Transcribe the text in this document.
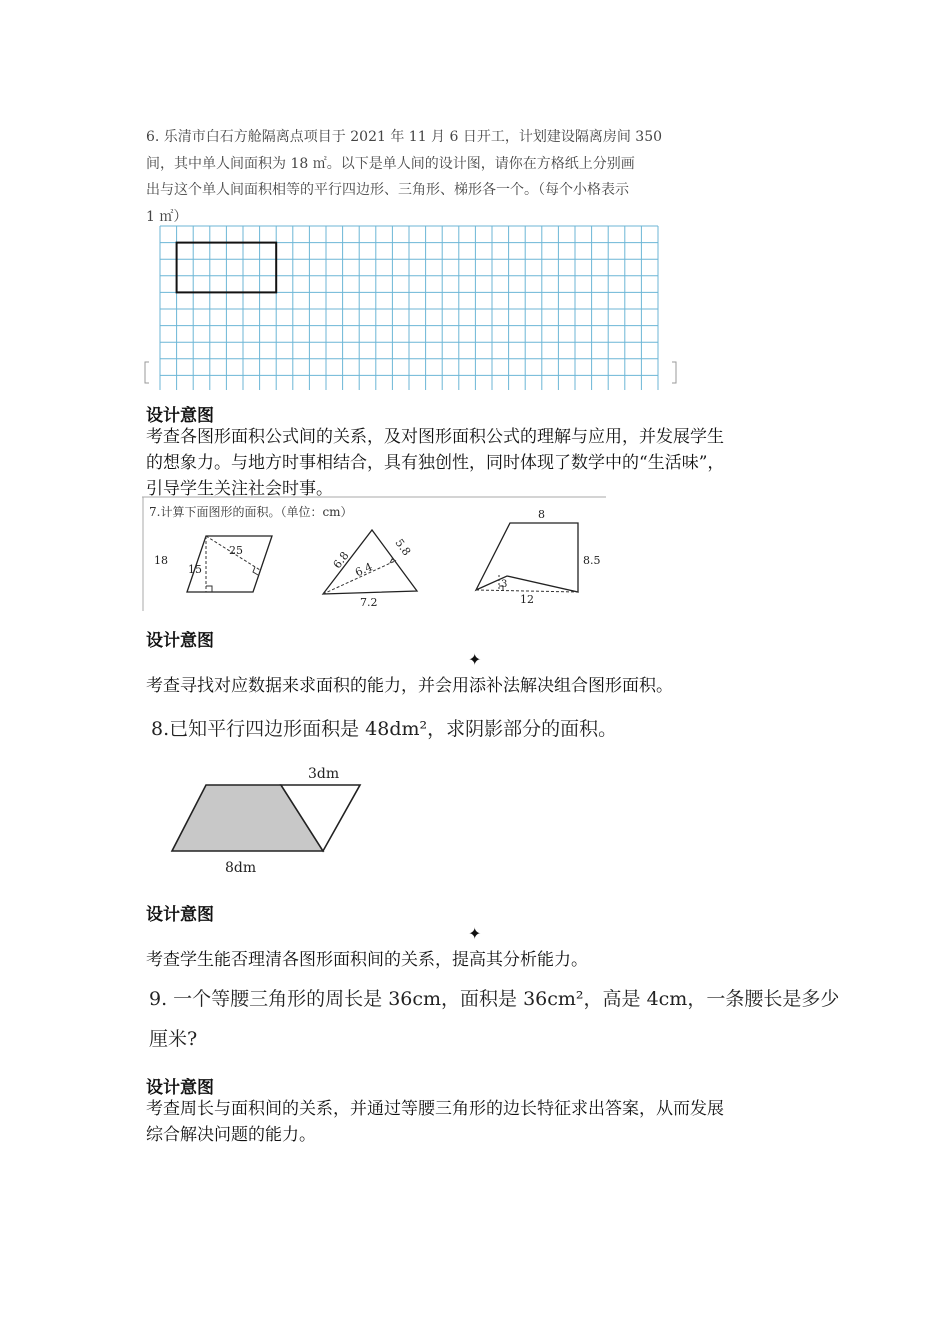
6. 乐清市白石方舱隔离点项目于 2021 年 11 月 6 日开工，计划建设隔离房间 350

间，其中单人间面积为 18 ㎡。以下是单人间的设计图，请你在方格纸上分别画

出与这个单人间面积相等的平行四边形、三角形、梯形各一个。（每个小格表示

1 ㎡）

设计意图

考查各图形面积公式间的关系，及对图形面积公式的理解与应用，并发展学生

的想象力。与地方时事相结合，具有独创性，同时体现了数学中的“生活味”，

引导学生关注社会时事。

7.计算下面图形的面积。（单位：cm）
18
25
15	6.8
5.8
6.4
7.2
8
8.5
3
12
设计意图
✦

考查寻找对应数据来求面积的能力，并会用添补法解决组合图形面积。

8.已知平行四边形面积是 48dm²，求阴影部分的面积。
3dm
8dm
设计意图
✦

考查学生能否理清各图形面积间的关系，提高其分析能力。

9. 一个等腰三角形的周长是 36cm，面积是 36cm²，高是 4cm，一条腰长是多少

厘米?

设计意图

考查周长与面积间的关系，并通过等腰三角形的边长特征求出答案，从而发展

综合解决问题的能力。
